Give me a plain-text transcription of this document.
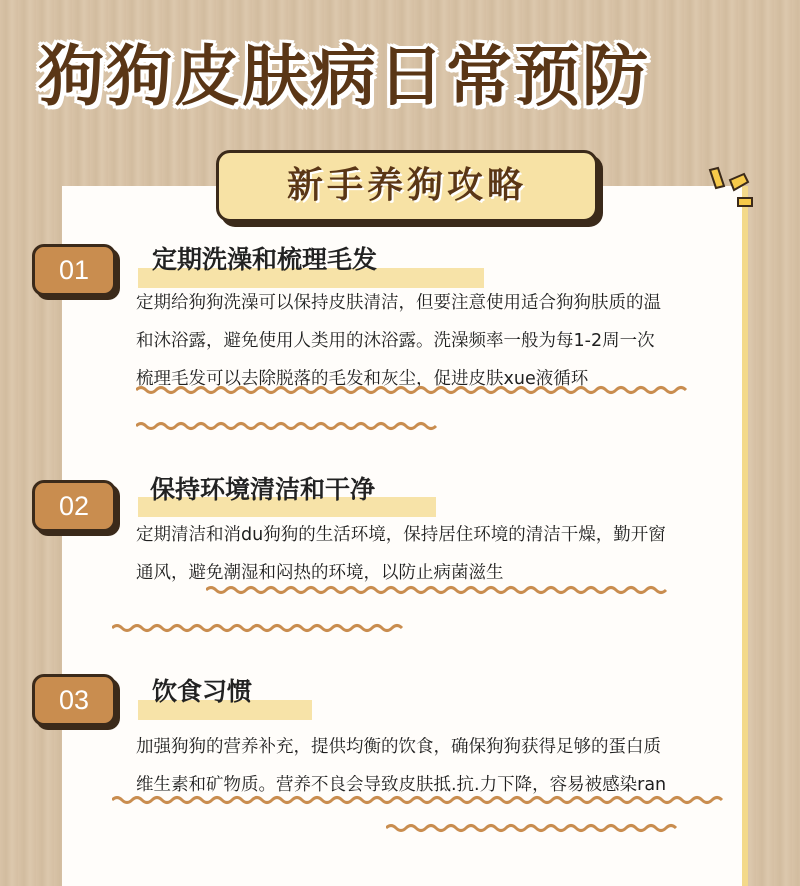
狗狗皮肤病日常预防
新手养狗攻略
01	定期洗澡和梳理毛发
定期给狗狗洗澡可以保持皮肤清洁，但要注意使用适合狗狗肤质的温
和沐浴露，避免使用人类用的沐浴露。洗澡频率一般为每1-2周一次
梳理毛发可以去除脱落的毛发和灰尘，促进皮肤xue液循环
02
保持环境清洁和干净
定期清洁和消du狗狗的生活环境，保持居住环境的清洁干燥，勤开窗
通风，避免潮湿和闷热的环境，以防止病菌滋生
03	饮食习惯
加强狗狗的营养补充，提供均衡的饮食，确保狗狗获得足够的蛋白质
维生素和矿物质。营养不良会导致皮肤抵.抗.力下降，容易被感染ran
